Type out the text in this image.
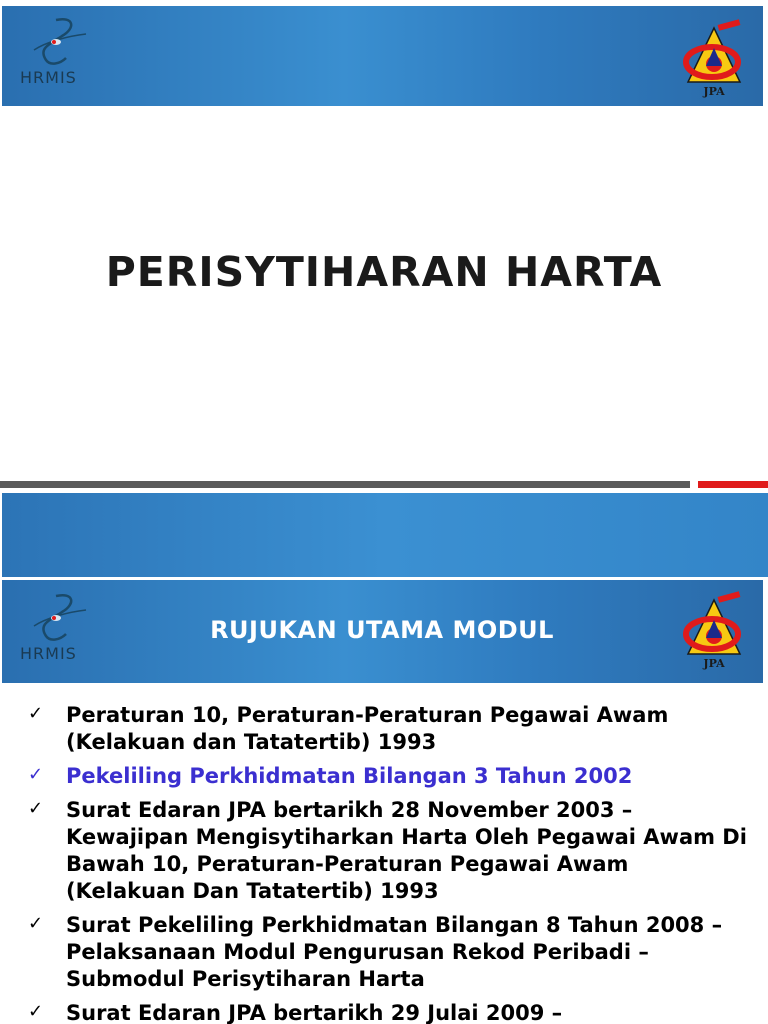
HRMIS
JPA
PERISYTIHARAN HARTA
HRMIS
RUJUKAN UTAMA MODUL
JPA
✓ Peraturan 10, Peraturan-Peraturan Pegawai Awam (Kelakuan dan Tatatertib) 1993
✓ Pekeliling Perkhidmatan Bilangan 3 Tahun 2002
✓ Surat Edaran JPA bertarikh 28 November 2003 – Kewajipan Mengisytiharkan Harta Oleh Pegawai Awam Di Bawah 10, Peraturan-Peraturan Pegawai Awam (Kelakuan Dan Tatatertib) 1993
✓ Surat Pekeliling Perkhidmatan Bilangan 8 Tahun 2008 – Pelaksanaan Modul Pengurusan Rekod Peribadi – Submodul Perisytiharan Harta
✓ Surat Edaran JPA bertarikh 29 Julai 2009 –
